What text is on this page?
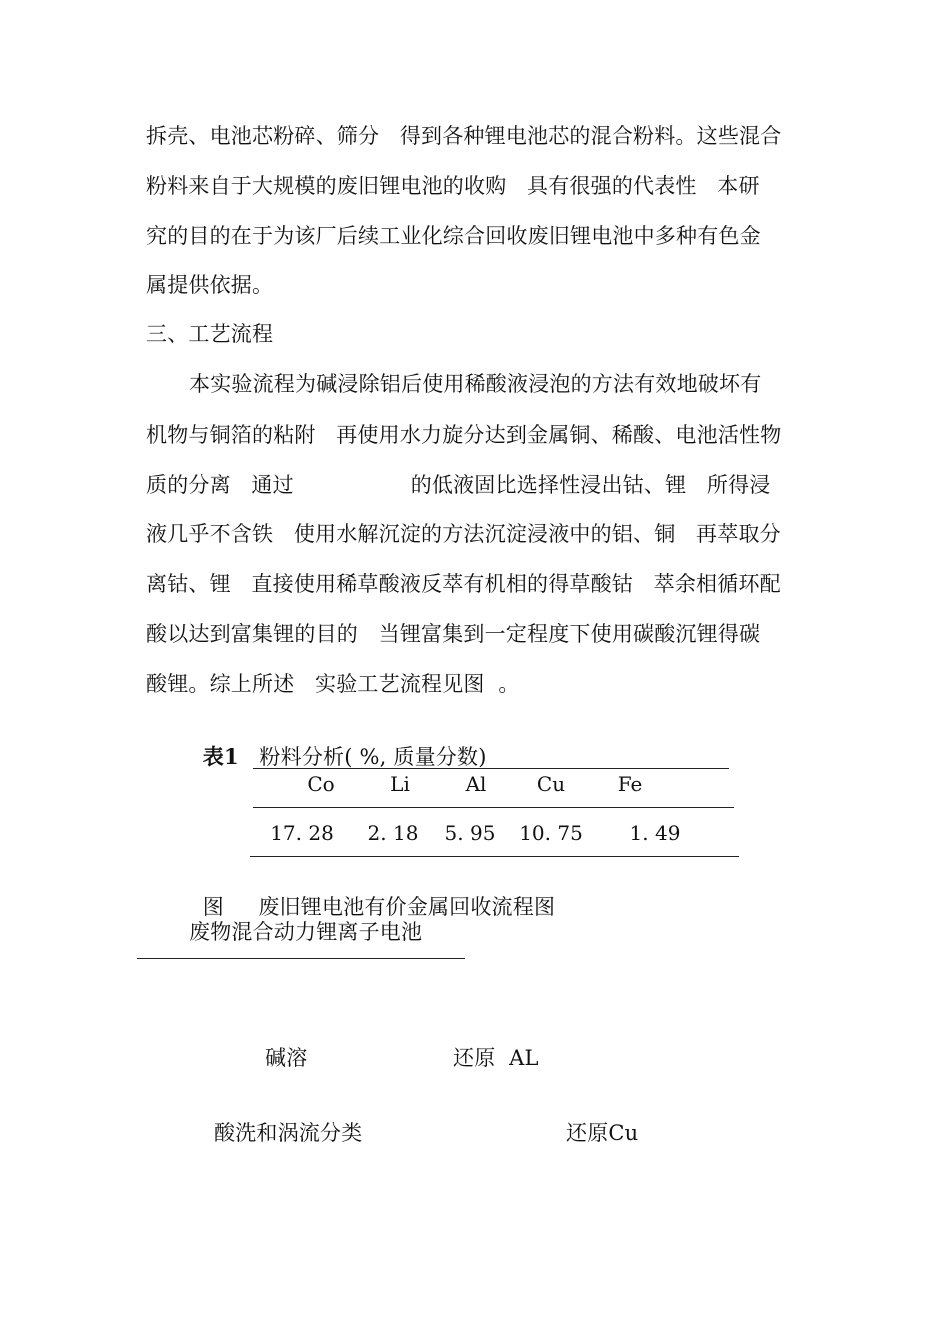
拆壳、电池芯粉碎、筛分   得到各种锂电池芯的混合粉料。这些混合
粉料来自于大规模的废旧锂电池的收购   具有很强的代表性   本研
究的目的在于为该厂后续工业化综合回收废旧锂电池中多种有色金
属提供依据。
三、工艺流程
本实验流程为碱浸除铝后使用稀酸液浸泡的方法有效地破坏有
机物与铜箔的粘附   再使用水力旋分达到金属铜、稀酸、电池活性物
质的分离   通过                 的低液固比选择性浸出钴、锂   所得浸
液几乎不含铁   使用水解沉淀的方法沉淀浸液中的铝、铜   再萃取分
离钴、锂   直接使用稀草酸液反萃有机相的得草酸钴   萃余相循环配
酸以达到富集锂的目的   当锂富集到一定程度下使用碳酸沉锂得碳
酸锂。综上所述   实验工艺流程见图  。

表1 粉料分析( %, 质量分数)

Co	Li	Al	Cu	Fe
17. 28	2. 18	5. 95	10. 75	1. 49

图 废旧锂电池有价金属回收流程图

废物混合动力锂离子电池
碱溶	还原  AL
酸洗和涡流分类	还原Cu
